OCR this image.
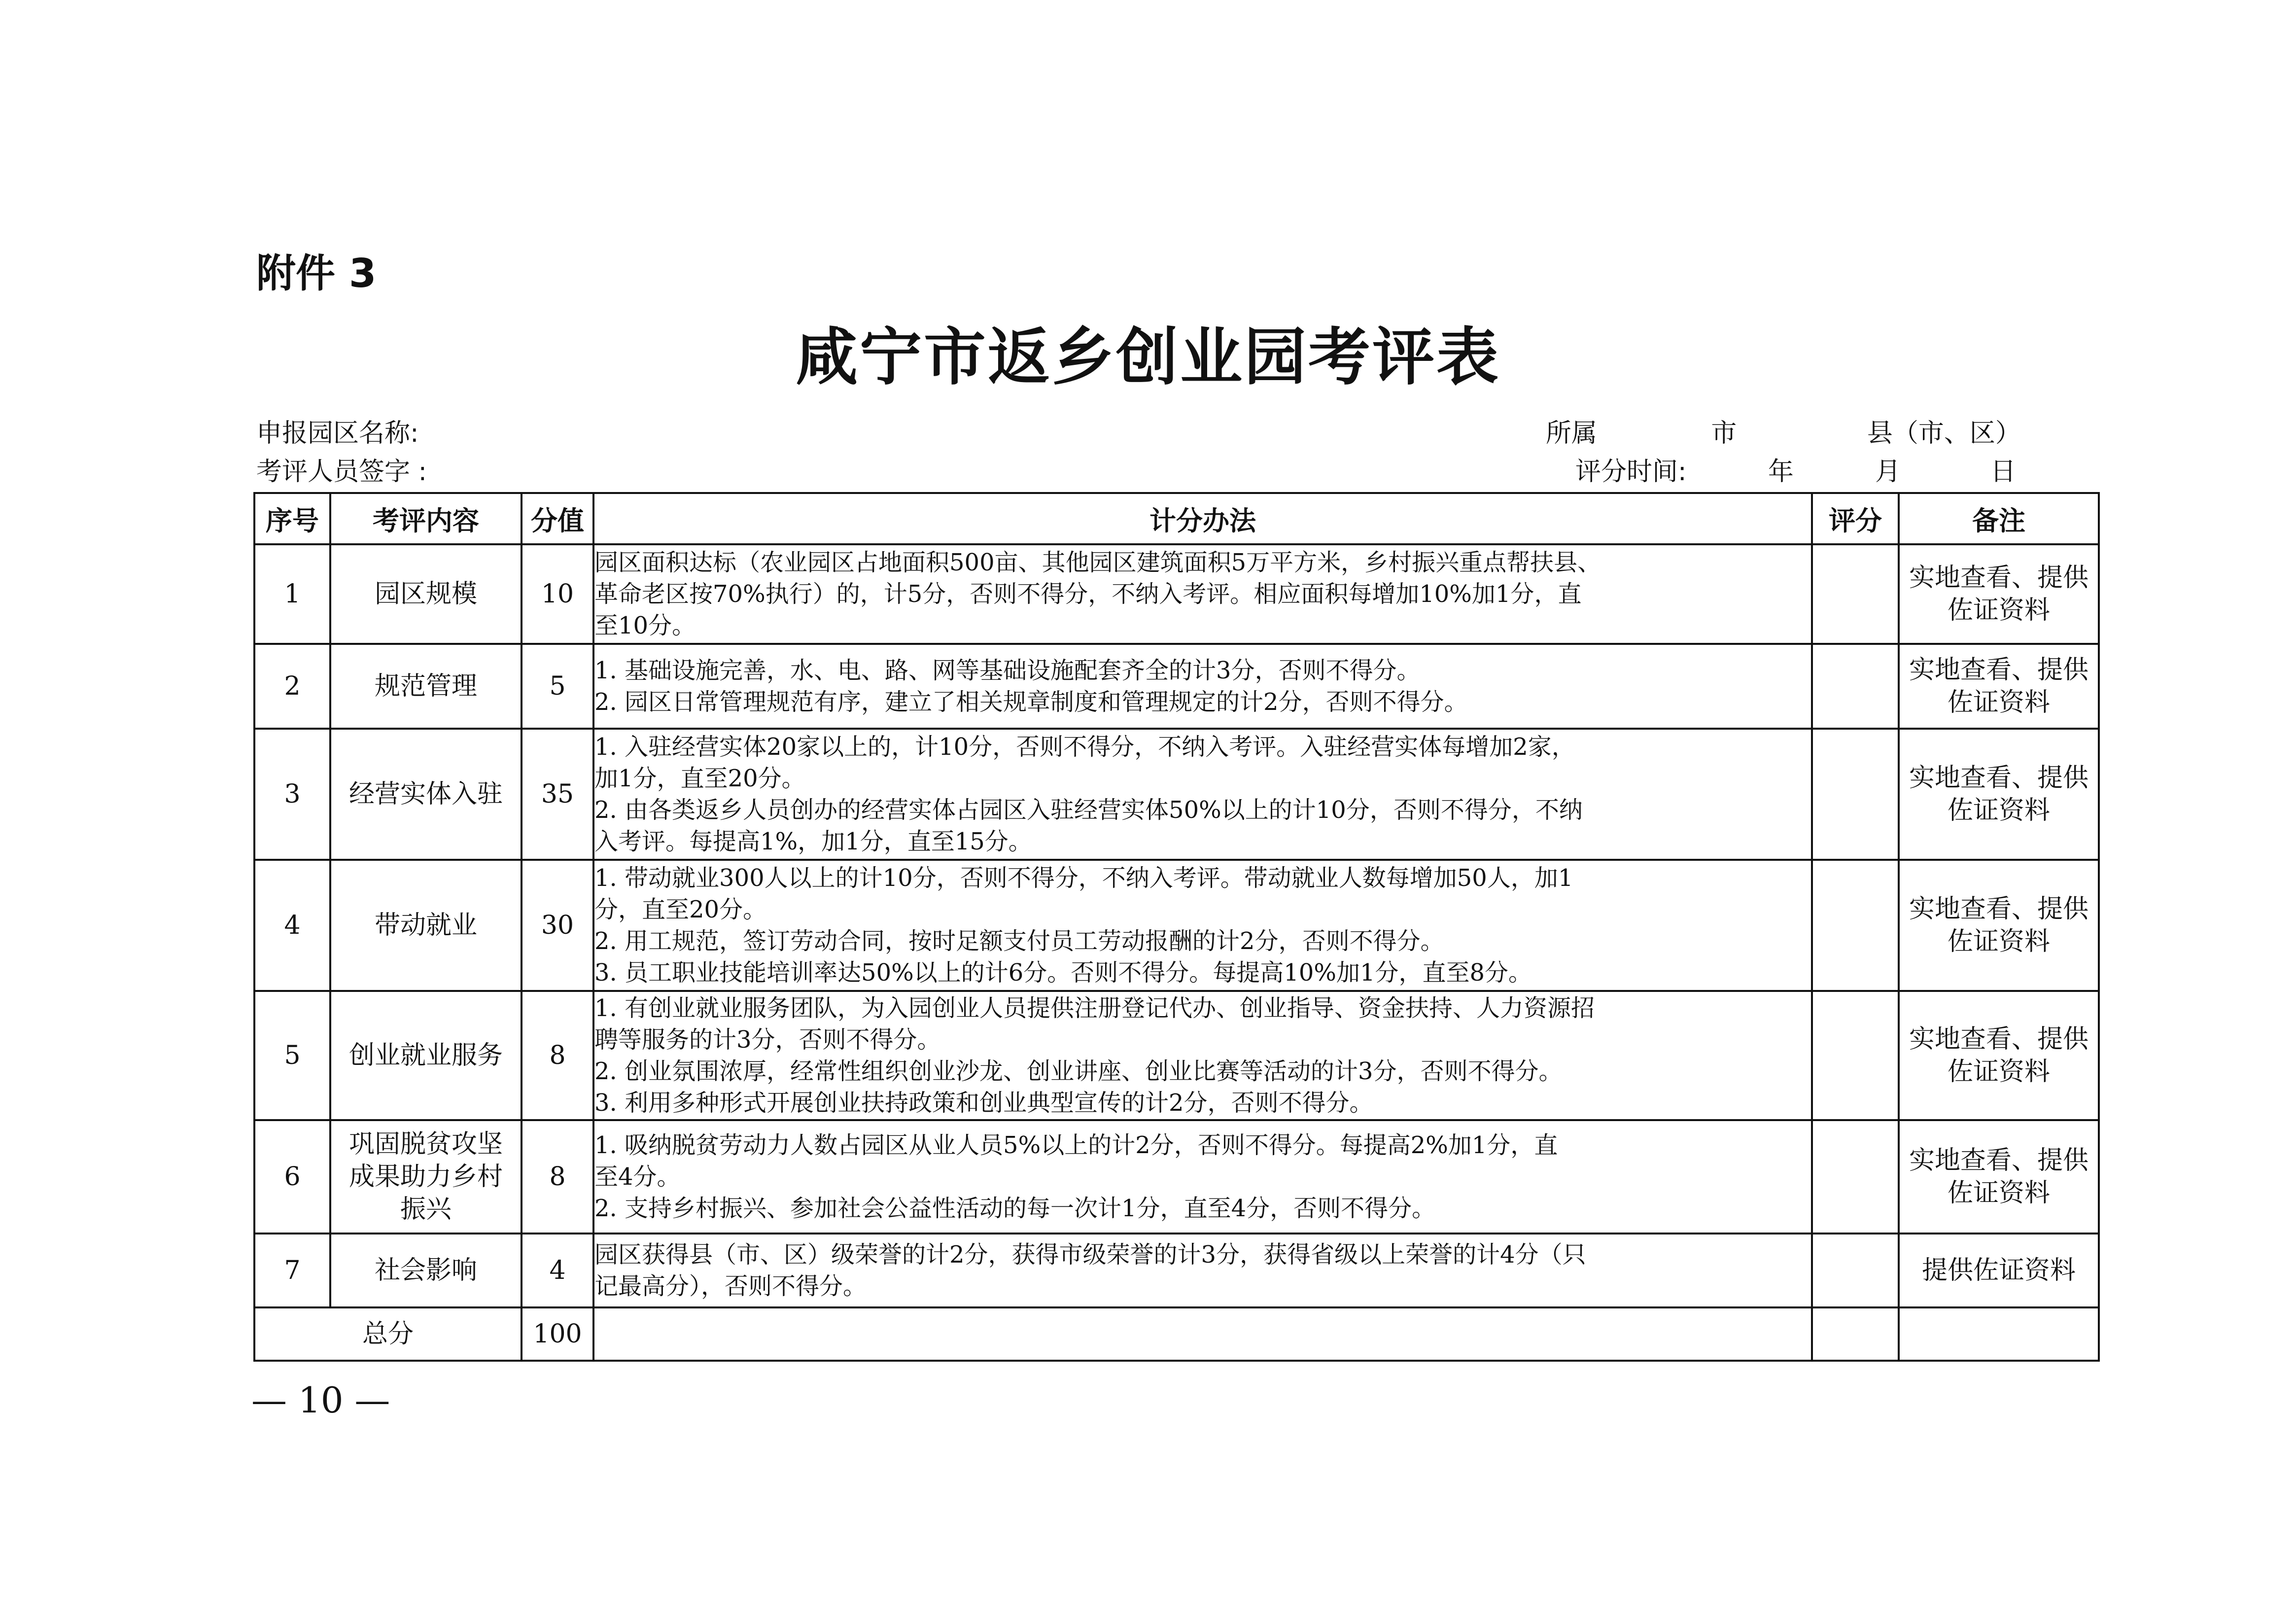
附件 3
咸宁市返乡创业园考评表
申报园区名称:
考评人员签字 :
所属              市                县（市、区）
评分时间:          年          月           日
序号	考评内容	分值	计分办法	评分	备注
1	园区规模	10	园区面积达标（农业园区占地面积500亩、其他园区建筑面积5万平方米，乡村振兴重点帮扶县、
革命老区按70%执行）的，计5分，否则不得分，不纳入考评。相应面积每增加10%加1分，直
至10分。		实地查看、提供佐证资料
2	规范管理	5	1. 基础设施完善，水、电、路、网等基础设施配套齐全的计3分，否则不得分。
2. 园区日常管理规范有序，建立了相关规章制度和管理规定的计2分，否则不得分。		实地查看、提供佐证资料
3	经营实体入驻	35	1. 入驻经营实体20家以上的，计10分，否则不得分，不纳入考评。入驻经营实体每增加2家，
加1分，直至20分。
2. 由各类返乡人员创办的经营实体占园区入驻经营实体50%以上的计10分，否则不得分，不纳
入考评。每提高1%，加1分，直至15分。		实地查看、提供佐证资料
4	带动就业	30	1. 带动就业300人以上的计10分，否则不得分，不纳入考评。带动就业人数每增加50人，加1
分，直至20分。
2. 用工规范，签订劳动合同，按时足额支付员工劳动报酬的计2分，否则不得分。
3. 员工职业技能培训率达50%以上的计6分。否则不得分。每提高10%加1分，直至8分。		实地查看、提供佐证资料
5	创业就业服务	8	1. 有创业就业服务团队，为入园创业人员提供注册登记代办、创业指导、资金扶持、人力资源招
聘等服务的计3分，否则不得分。
2. 创业氛围浓厚，经常性组织创业沙龙、创业讲座、创业比赛等活动的计3分，否则不得分。
3. 利用多种形式开展创业扶持政策和创业典型宣传的计2分，否则不得分。		实地查看、提供佐证资料
6	巩固脱贫攻坚成果助力乡村振兴	8	1. 吸纳脱贫劳动力人数占园区从业人员5%以上的计2分，否则不得分。每提高2%加1分，直
至4分。
2. 支持乡村振兴、参加社会公益性活动的每一次计1分，直至4分，否则不得分。		实地查看、提供佐证资料
7	社会影响	4	园区获得县（市、区）级荣誉的计2分，获得市级荣誉的计3分，获得省级以上荣誉的计4分（只
记最高分），否则不得分。		提供佐证资料
总分		100			
— 10 —
